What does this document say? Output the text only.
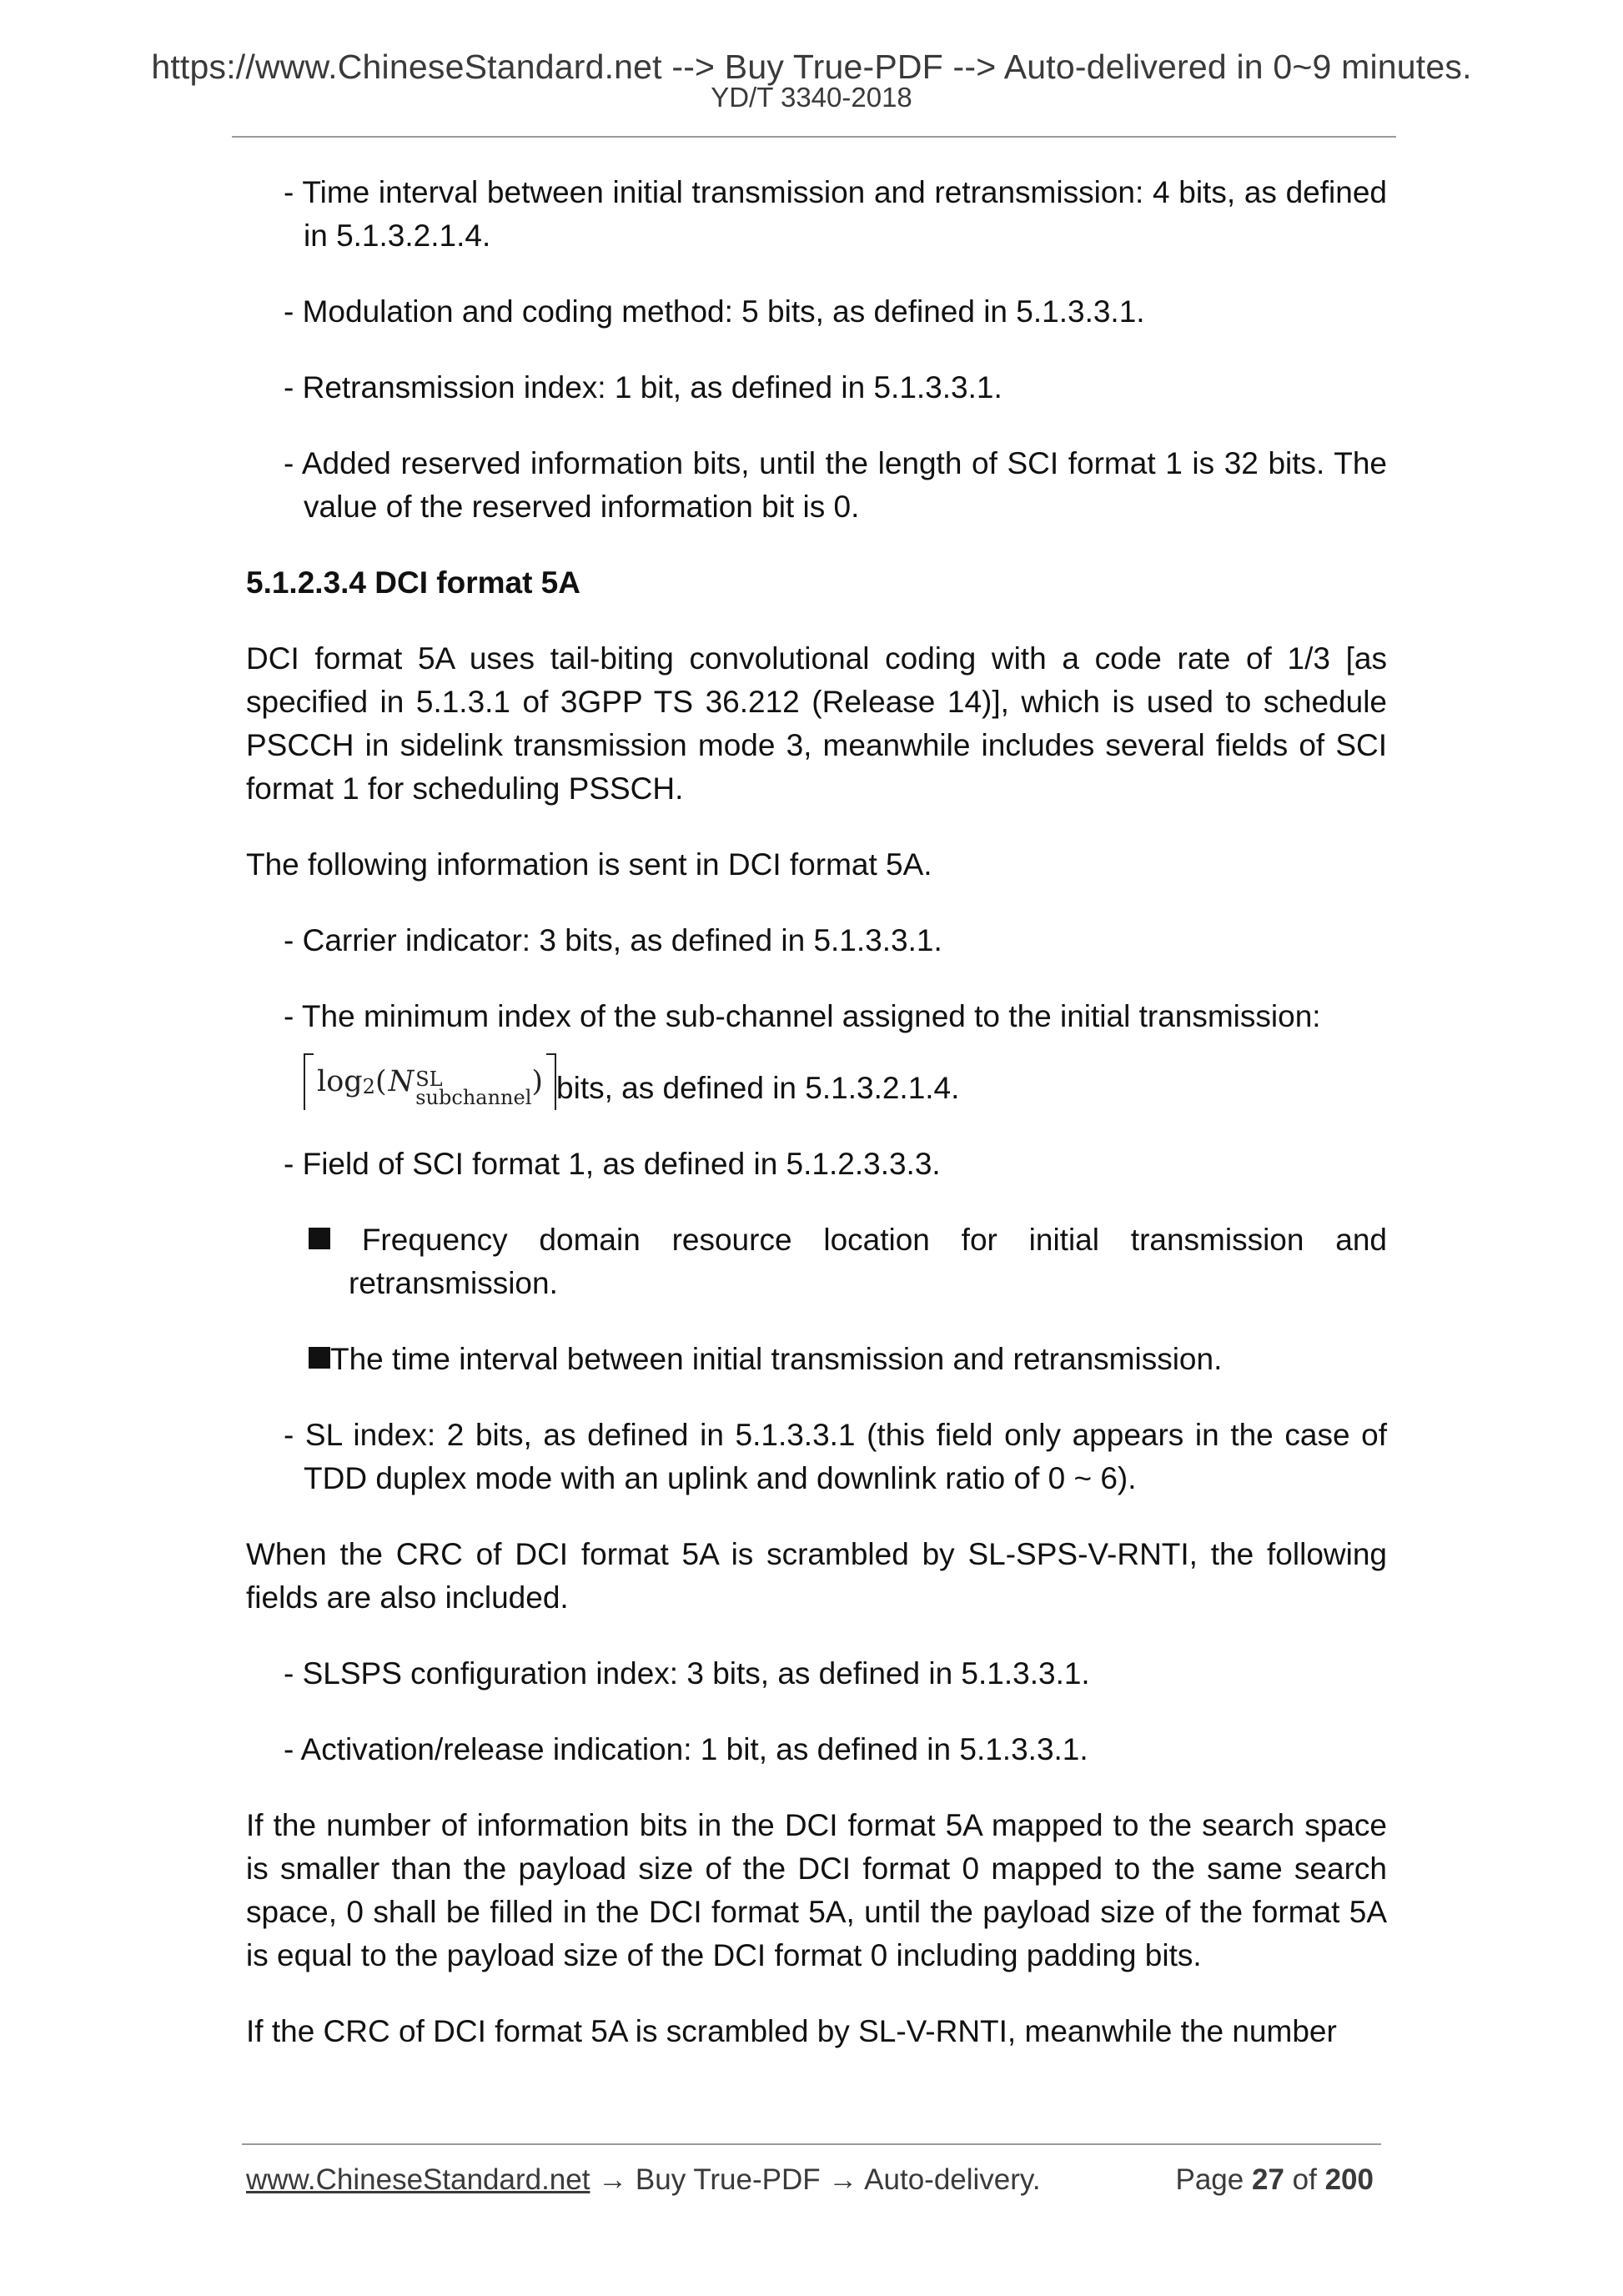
https://www.ChineseStandard.net --> Buy True-PDF --> Auto-delivered in 0~9 minutes.
YD/T 3340-2018
- Time interval between initial transmission and retransmission: 4 bits, as defined in 5.1.3.2.1.4.
- Modulation and coding method: 5 bits, as defined in 5.1.3.3.1.
- Retransmission index: 1 bit, as defined in 5.1.3.3.1.
- Added reserved information bits, until the length of SCI format 1 is 32 bits. The value of the reserved information bit is 0.
5.1.2.3.4 DCI format 5A
DCI format 5A uses tail-biting convolutional coding with a code rate of 1/3 [as specified in 5.1.3.1 of 3GPP TS 36.212 (Release 14)], which is used to schedule PSCCH in sidelink transmission mode 3, meanwhile includes several fields of SCI format 1 for scheduling PSSCH.
The following information is sent in DCI format 5A.
- Carrier indicator: 3 bits, as defined in 5.1.3.3.1.
- The minimum index of the sub-channel assigned to the initial transmission:
log 2 ( N SL
subchannel ) bits, as defined in 5.1.3.2.1.4.
- Field of SCI format 1, as defined in 5.1.2.3.3.3.
Frequency domain resource location for initial transmission and retransmission.
The time interval between initial transmission and retransmission.
- SL index: 2 bits, as defined in 5.1.3.3.1 (this field only appears in the case of TDD duplex mode with an uplink and downlink ratio of 0 ~ 6).
When the CRC of DCI format 5A is scrambled by SL-SPS-V-RNTI, the following fields are also included.
- SLSPS configuration index: 3 bits, as defined in 5.1.3.3.1.
- Activation/release indication: 1 bit, as defined in 5.1.3.3.1.
If the number of information bits in the DCI format 5A mapped to the search space is smaller than the payload size of the DCI format 0 mapped to the same search space, 0 shall be filled in the DCI format 5A, until the payload size of the format 5A is equal to the payload size of the DCI format 0 including padding bits.
If the CRC of DCI format 5A is scrambled by SL-V-RNTI, meanwhile the number
www.ChineseStandard.net → Buy True-PDF → Auto-delivery.	Page 27 of 200
